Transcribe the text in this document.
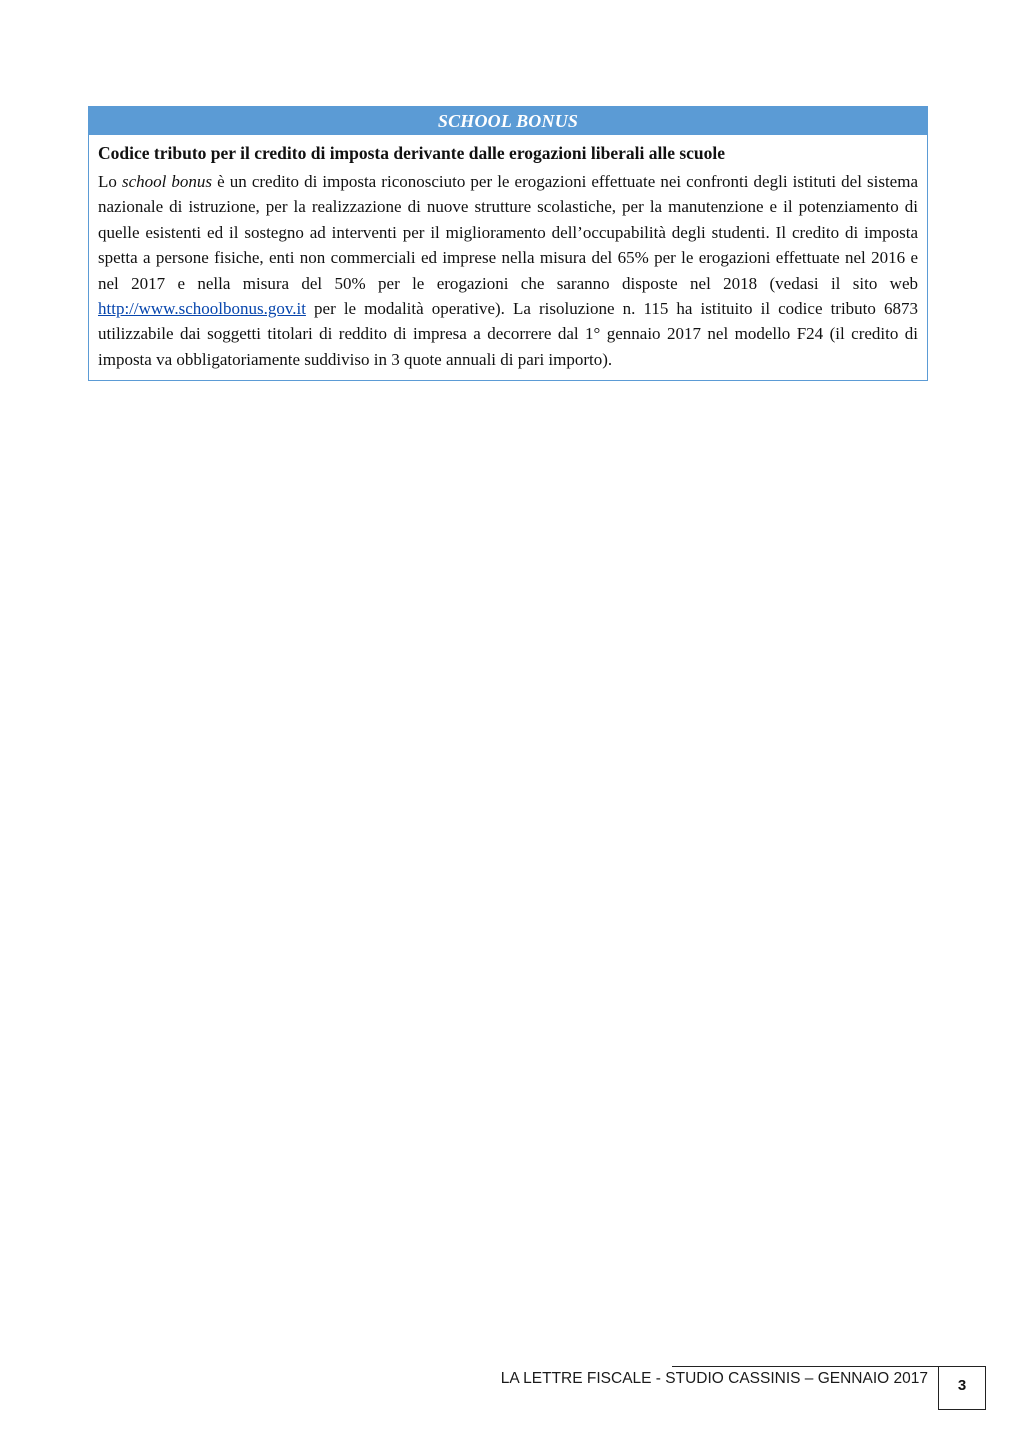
SCHOOL BONUS

Codice tributo per il credito di imposta derivante dalle erogazioni liberali alle scuole

Lo school bonus è un credito di imposta riconosciuto per le erogazioni effettuate nei confronti degli istituti del sistema nazionale di istruzione, per la realizzazione di nuove strutture scolastiche, per la manutenzione e il potenziamento di quelle esistenti ed il sostegno ad interventi per il miglioramento dell’occupabilità degli studenti. Il credito di imposta spetta a persone fisiche, enti non commerciali ed imprese nella misura del 65% per le erogazioni effettuate nel 2016 e nel 2017 e nella misura del 50% per le erogazioni che saranno disposte nel 2018 (vedasi il sito web http://www.schoolbonus.gov.it per le modalità operative). La risoluzione n. 115 ha istituito il codice tributo 6873 utilizzabile dai soggetti titolari di reddito di impresa a decorrere dal 1° gennaio 2017 nel modello F24 (il credito di imposta va obbligatoriamente suddiviso in 3 quote annuali di pari importo).

LA LETTRE FISCALE - STUDIO CASSINIS – GENNAIO 2017	3
